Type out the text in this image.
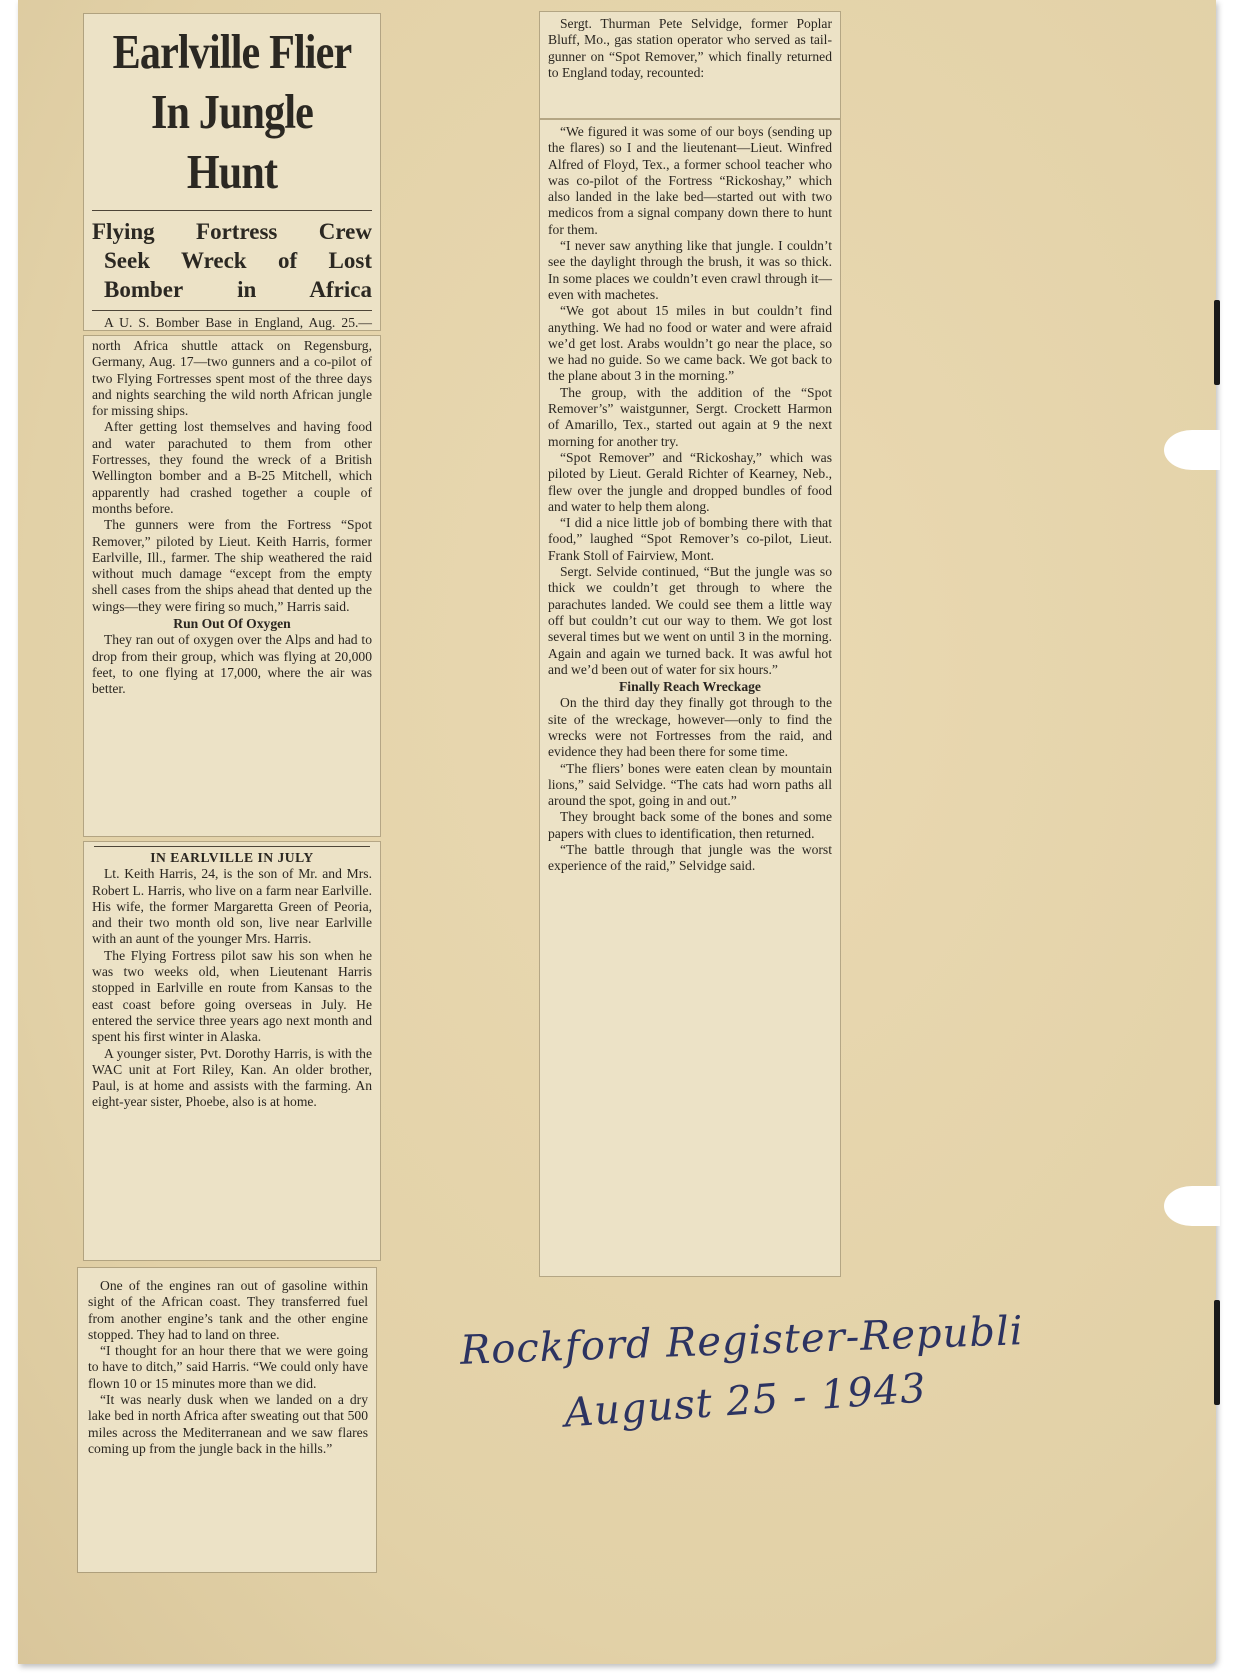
Earlville Flier
In Jungle Hunt
Flying Fortress Crew
Seek Wreck of Lost
Bomber in Africa

A U. S. Bomber Base in England, Aug. 25.—

north Africa shuttle attack on Regensburg, Germany, Aug. 17—two gunners and a co-pilot of two Flying Fortresses spent most of the three days and nights searching the wild north African jungle for missing ships.

After getting lost themselves and having food and water parachuted to them from other Fortresses, they found the wreck of a British Wellington bomber and a B-25 Mitchell, which apparently had crashed together a couple of months before.

The gunners were from the Fortress “Spot Remover,” piloted by Lieut. Keith Harris, former Earlville, Ill., farmer. The ship weathered the raid without much damage “except from the empty shell cases from the ships ahead that dented up the wings—they were firing so much,” Harris said.

Run Out Of Oxygen

They ran out of oxygen over the Alps and had to drop from their group, which was flying at 20,000 feet, to one flying at 17,000, where the air was better.

IN EARLVILLE IN JULY

Lt. Keith Harris, 24, is the son of Mr. and Mrs. Robert L. Harris, who live on a farm near Earlville. His wife, the former Margaretta Green of Peoria, and their two month old son, live near Earlville with an aunt of the younger Mrs. Harris.

The Flying Fortress pilot saw his son when he was two weeks old, when Lieutenant Harris stopped in Earlville en route from Kansas to the east coast before going overseas in July. He entered the service three years ago next month and spent his first winter in Alaska.

A younger sister, Pvt. Dorothy Harris, is with the WAC unit at Fort Riley, Kan. An older brother, Paul, is at home and assists with the farming. An eight-year sister, Phoebe, also is at home.

One of the engines ran out of gasoline within sight of the African coast. They transferred fuel from another engine’s tank and the other engine stopped. They had to land on three.

“I thought for an hour there that we were going to have to ditch,” said Harris. “We could only have flown 10 or 15 minutes more than we did.

“It was nearly dusk when we landed on a dry lake bed in north Africa after sweating out that 500 miles across the Mediterranean and we saw flares coming up from the jungle back in the hills.”

Sergt. Thurman Pete Selvidge, former Poplar Bluff, Mo., gas station operator who served as tail-gunner on “Spot Remover,” which finally returned to England today, recounted:

“We figured it was some of our boys (sending up the flares) so I and the lieutenant—Lieut. Winfred Alfred of Floyd, Tex., a former school teacher who was co-pilot of the Fortress “Rickoshay,” which also landed in the lake bed—started out with two medicos from a signal company down there to hunt for them.

“I never saw anything like that jungle. I couldn’t see the daylight through the brush, it was so thick. In some places we couldn’t even crawl through it—even with machetes.

“We got about 15 miles in but couldn’t find anything. We had no food or water and were afraid we’d get lost. Arabs wouldn’t go near the place, so we had no guide. So we came back. We got back to the plane about 3 in the morning.”

The group, with the addition of the “Spot Remover’s” waistgunner, Sergt. Crockett Harmon of Amarillo, Tex., started out again at 9 the next morning for another try.

“Spot Remover” and “Rickoshay,” which was piloted by Lieut. Gerald Richter of Kearney, Neb., flew over the jungle and dropped bundles of food and water to help them along.

“I did a nice little job of bombing there with that food,” laughed “Spot Remover’s co-pilot, Lieut. Frank Stoll of Fairview, Mont.

Sergt. Selvide continued, “But the jungle was so thick we couldn’t get through to where the parachutes landed. We could see them a little way off but couldn’t cut our way to them. We got lost several times but we went on until 3 in the morning. Again and again we turned back. It was awful hot and we’d been out of water for six hours.”

Finally Reach Wreckage

On the third day they finally got through to the site of the wreckage, however—only to find the wrecks were not Fortresses from the raid, and evidence they had been there for some time.

“The fliers’ bones were eaten clean by mountain lions,” said Selvidge. “The cats had worn paths all around the spot, going in and out.”

They brought back some of the bones and some papers with clues to identification, then returned.

“The battle through that jungle was the worst experience of the raid,” Selvidge said.

Rockford Register-Republi
August 25 - 1943
